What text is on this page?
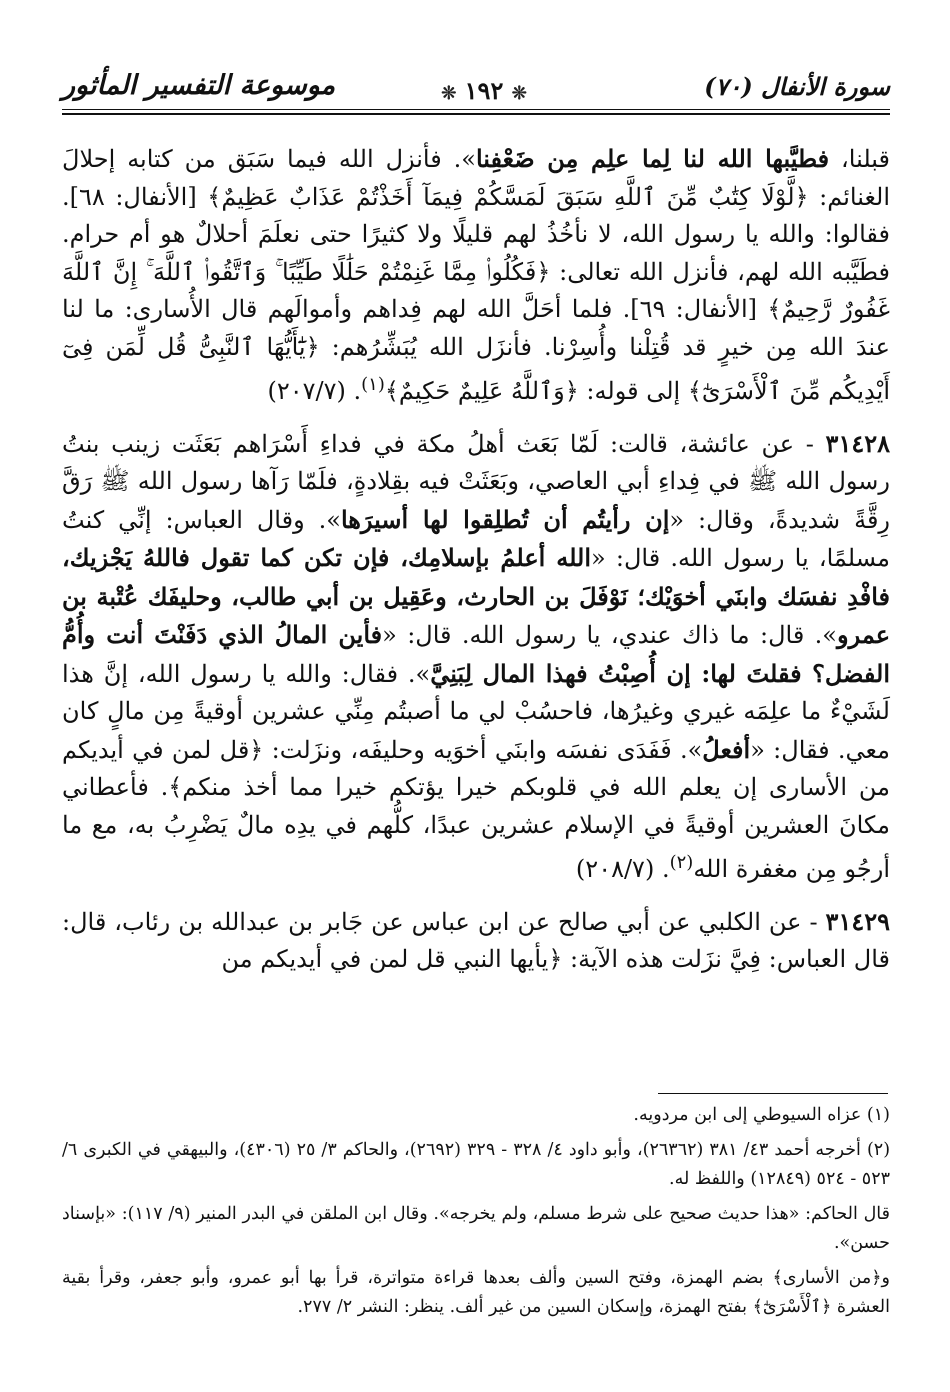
سورة الأنفال (٧٠)
❊ ١٩٢ ❊
موسوعة التفسير المأثور

قبلنا، فطيَّبها الله لنا لِما علِم مِن ضَعْفِنا». فأنزل الله فيما سَبَق من كتابه إحلالَ الغنائم: ﴿لَّوْلَا كِتَٰبٌ مِّنَ ٱللَّهِ سَبَقَ لَمَسَّكُمْ فِيمَآ أَخَذْتُمْ عَذَابٌ عَظِيمٌ﴾ [الأنفال: ٦٨]. فقالوا: والله يا رسول الله، لا نأخُذُ لهم قليلًا ولا كثيرًا حتى نعلَمَ أحلالٌ هو أم حرام. فطَيَّبه الله لهم، فأنزل الله تعالى: ﴿فَكُلُوا۟ مِمَّا غَنِمْتُمْ حَلَٰلًا طَيِّبًا ۚ وَٱتَّقُوا۟ ٱللَّهَ ۚ إِنَّ ٱللَّهَ غَفُورٌ رَّحِيمٌ﴾ [الأنفال: ٦٩]. فلما أحَلَّ الله لهم فِداهم وأموالَهم قال الأُسارى: ما لنا عندَ الله مِن خيرٍ قد قُتِلْنا وأُسِرْنا. فأنزَل الله يُبَشِّرُهم: ﴿يَٰٓأَيُّهَا ٱلنَّبِىُّ قُل لِّمَن فِىٓ أَيْدِيكُم مِّنَ ٱلْأَسْرَىٰٓ﴾ إلى قوله: ﴿وَٱللَّهُ عَلِيمٌ حَكِيمٌ﴾$^{(١)}$. (٢٠٧/٧)

٣١٤٢٨ - عن عائشة، قالت: لَمّا بَعَث أهلُ مكة في فداءِ أَسْرَاهم بَعَثَت زينب بنتُ رسول الله ﷺ في فِداءِ أبي العاصي، وبَعَثَتْ فيه بقِلادةٍ، فلَمّا رَآها رسول الله ﷺ رَقَّ رِقَّةً شديدةً، وقال: «إن رأيتُم أن تُطلِقوا لها أسيرَها». وقال العباس: إنِّي كنتُ مسلمًا، يا رسول الله. قال: «الله أعلمُ بإسلامِك، فإن تكن كما تقول فاللهُ يَجْزيك، فافْدِ نفسَك وابنَي أخوَيْك؛ نَوْفَلَ بن الحارث، وعَقِيل بن أبي طالب، وحليفَك عُتْبة بن عمرو». قال: ما ذاك عندي، يا رسول الله. قال: «فأين المالُ الذي دَفَنْتَ أنت وأُمُّ الفضل؟ فقلتَ لها: إن أُصِبْتُ فهذا المال لِبَنِيَّ». فقال: والله يا رسول الله، إنَّ هذا لَشَيْءٌ ما علِمَه غيري وغيرُها، فاحسُبْ لي ما أصبتُم مِنِّي عشرين أوقيةً مِن مالٍ كان معي. فقال: «أفعلُ». فَفَدَى نفسَه وابنَي أخوَيه وحليفَه، ونزَلت: ﴿قل لمن في أيديكم من الأسارى إن يعلم الله في قلوبكم خيرا يؤتكم خيرا مما أخذ منكم﴾. فأعطاني مكانَ العشرين أوقيةً في الإسلام عشرين عبدًا، كلُّهم في يدِه مالٌ يَضْرِبُ به، مع ما أرجُو مِن مغفرة الله$^{(٢)}$. (٢٠٨/٧)

٣١٤٢٩ - عن الكلبي عن أبي صالح عن ابن عباس عن جَابر بن عبدالله بن رئاب، قال: قال العباس: فِيَّ نزَلت هذه الآية: ﴿يأيها النبي قل لمن في أيديكم من

(١) عزاه السيوطي إلى ابن مردويه.

(٢) أخرجه أحمد ٤٣/ ٣٨١ (٢٦٣٦٢)، وأبو داود ٤/ ٣٢٨ - ٣٢٩ (٢٦٩٢)، والحاكم ٣/ ٢٥ (٤٣٠٦)، والبيهقي في الكبرى ٦/ ٥٢٣ - ٥٢٤ (١٢٨٤٩) واللفظ له.

قال الحاكم: «هذا حديث صحيح على شرط مسلم، ولم يخرجه». وقال ابن الملقن في البدر المنير (٩/ ١١٧): «بإسناد حسن».

و﴿من الأسارى﴾ بضم الهمزة، وفتح السين وألف بعدها قراءة متواترة، قرأ بها أبو عمرو، وأبو جعفر، وقرأ بقية العشرة ﴿ٱلْأَسْرَىٰٓ﴾ بفتح الهمزة، وإسكان السين من غير ألف. ينظر: النشر ٢/ ٢٧٧.
